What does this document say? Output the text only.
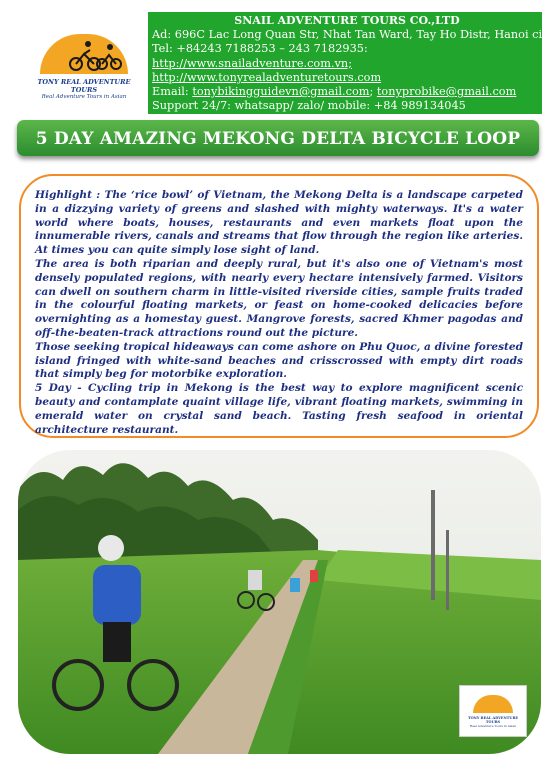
TONY REAL ADVENTURE TOURS
Real Adventure Tours in Asian
SNAIL ADVENTURE TOURS CO.,LTD
Ad: 696C Lac Long Quan Str, Nhat Tan Ward, Tay Ho Distr, Hanoi city,
Tel: +84243 7188253 – 243 7182935:
http://www.snailadventure.com.vn;
http://www.tonyrealadventuretours.com
Email: tonybikingguidevn@gmail.com; tonyprobike@gmail.com
Support 24/7: whatsapp/ zalo/ mobile: +84 989134045
5 DAY AMAZING MEKONG DELTA BICYCLE LOOP

Highlight : The ‘rice bowl’ of Vietnam, the Mekong Delta is a landscape carpeted in a dizzying variety of greens and slashed with mighty waterways. It's a water world where boats, houses, restaurants and even markets float upon the innumerable rivers, canals and streams that flow through the region like arteries. At times you can quite simply lose sight of land.

The area is both riparian and deeply rural, but it's also one of Vietnam's most densely populated regions, with nearly every hectare intensively farmed. Visitors can dwell on southern charm in little-visited riverside cities, sample fruits traded in the colourful floating markets, or feast on home-cooked delicacies before overnighting as a homestay guest. Mangrove forests, sacred Khmer pagodas and off-the-beaten-track attractions round out the picture.

Those seeking tropical hideaways can come ashore on Phu Quoc, a divine forested island fringed with white-sand beaches and crisscrossed with empty dirt roads that simply beg for motorbike exploration.

5 Day - Cycling trip in Mekong is the best way to explore magnificent scenic beauty and contamplate quaint village life, vibrant floating markets, swimming in emerald water on crystal sand beach. Tasting fresh seafood in oriental architecture restaurant.

TONY REAL ADVENTURE TOURS
Real Adventure Tours in Asian
